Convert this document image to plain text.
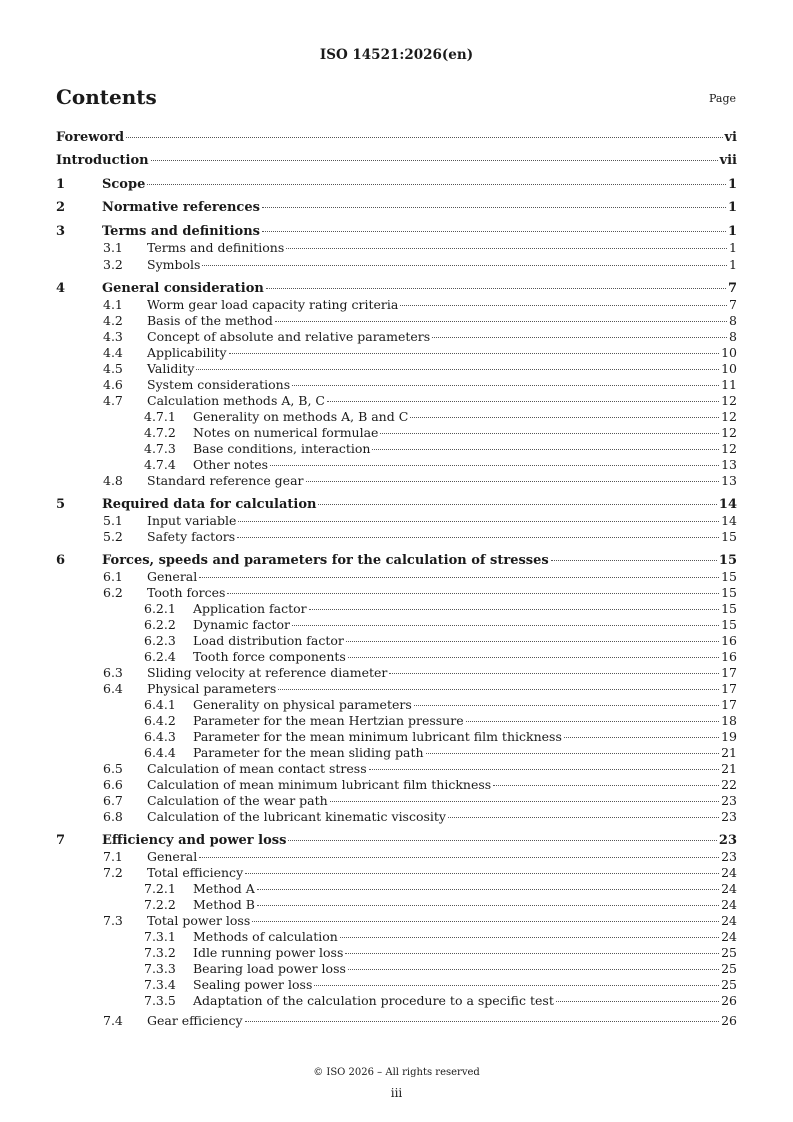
ISO 14521:2026(en)
Contents	Page
Foreword	vi
Introduction	vii
1	Scope	1
2	Normative references	1
3	Terms and definitions	1
3.1 Terms and definitions	1
3.2 Symbols	1
4	General consideration	7
4.1 Worm gear load capacity rating criteria	7
4.2 Basis of the method	8
4.3 Concept of absolute and relative parameters	8
4.4 Applicability	10
4.5 Validity	10
4.6 System considerations	11
4.7 Calculation methods A, B, C	12
4.7.1 Generality on methods A, B and C	12
4.7.2 Notes on numerical formulae	12
4.7.3 Base conditions, interaction	12
4.7.4 Other notes	13
4.8 Standard reference gear	13
5	Required data for calculation	14
5.1 Input variable	14
5.2 Safety factors	15
6	Forces, speeds and parameters for the calculation of stresses	15
6.1 General	15
6.2 Tooth forces	15
6.2.1 Application factor	15
6.2.2 Dynamic factor	15
6.2.3 Load distribution factor	16
6.2.4 Tooth force components	16
6.3 Sliding velocity at reference diameter	17
6.4 Physical parameters	17
6.4.1 Generality on physical parameters	17
6.4.2 Parameter for the mean Hertzian pressure	18
6.4.3 Parameter for the mean minimum lubricant film thickness	19
6.4.4 Parameter for the mean sliding path	21
6.5 Calculation of mean contact stress	21
6.6 Calculation of mean minimum lubricant film thickness	22
6.7 Calculation of the wear path	23
6.8 Calculation of the lubricant kinematic viscosity	23
7	Efficiency and power loss	23
7.1 General	23
7.2 Total efficiency	24
7.2.1 Method A	24
7.2.2 Method B	24
7.3 Total power loss	24
7.3.1 Methods of calculation	24
7.3.2 Idle running power loss	25
7.3.3 Bearing load power loss	25
7.3.4 Sealing power loss	25
7.3.5 Adaptation of the calculation procedure to a specific test	26
7.4 Gear efficiency	26
© ISO 2026 – All rights reserved
iii
